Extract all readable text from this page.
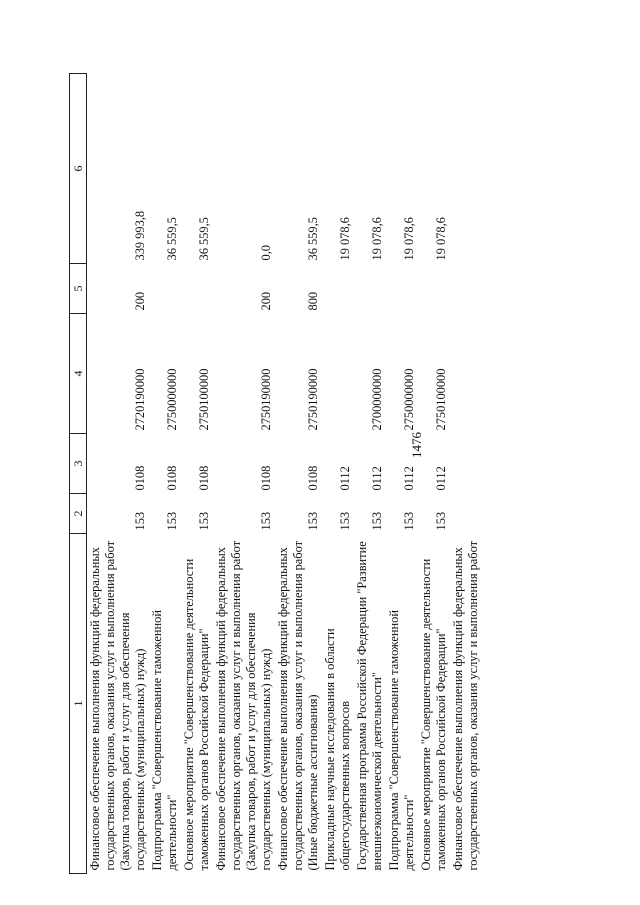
1476
1	2	3	4	5	6
Финансовое обеспечение выполнения функций федеральных государственных органов, оказания услуг и выполнения работ (Закупка товаров, работ и услуг для обеспечения государственных (муниципальных) нужд)	153	0108	2720190000	200	339 993,8
Подпрограмма "Совершенствование таможенной деятельности"	153	0108	2750000000		36 559,5
Основное мероприятие "Совершенствование деятельности таможенных органов Российской Федерации"	153	0108	2750100000		36 559,5
Финансовое обеспечение выполнения функций федеральных государственных органов, оказания услуг и выполнения работ (Закупка товаров, работ и услуг для обеспечения государственных (муниципальных) нужд)	153	0108	2750190000	200	0,0
Финансовое обеспечение выполнения функций федеральных государственных органов, оказания услуг и выполнения работ (Иные бюджетные ассигнования)	153	0108	2750190000	800	36 559,5
Прикладные научные исследования в области общегосударственных вопросов	153	0112			19 078,6
Государственная программа Российской Федерации "Развитие внешнеэкономической деятельности"	153	0112	2700000000		19 078,6
Подпрограмма "Совершенствование таможенной деятельности"	153	0112	2750000000		19 078,6
Основное мероприятие "Совершенствование деятельности таможенных органов Российской Федерации"	153	0112	2750100000		19 078,6
Финансовое обеспечение выполнения функций федеральных государственных органов, оказания услуг и выполнения работ					
